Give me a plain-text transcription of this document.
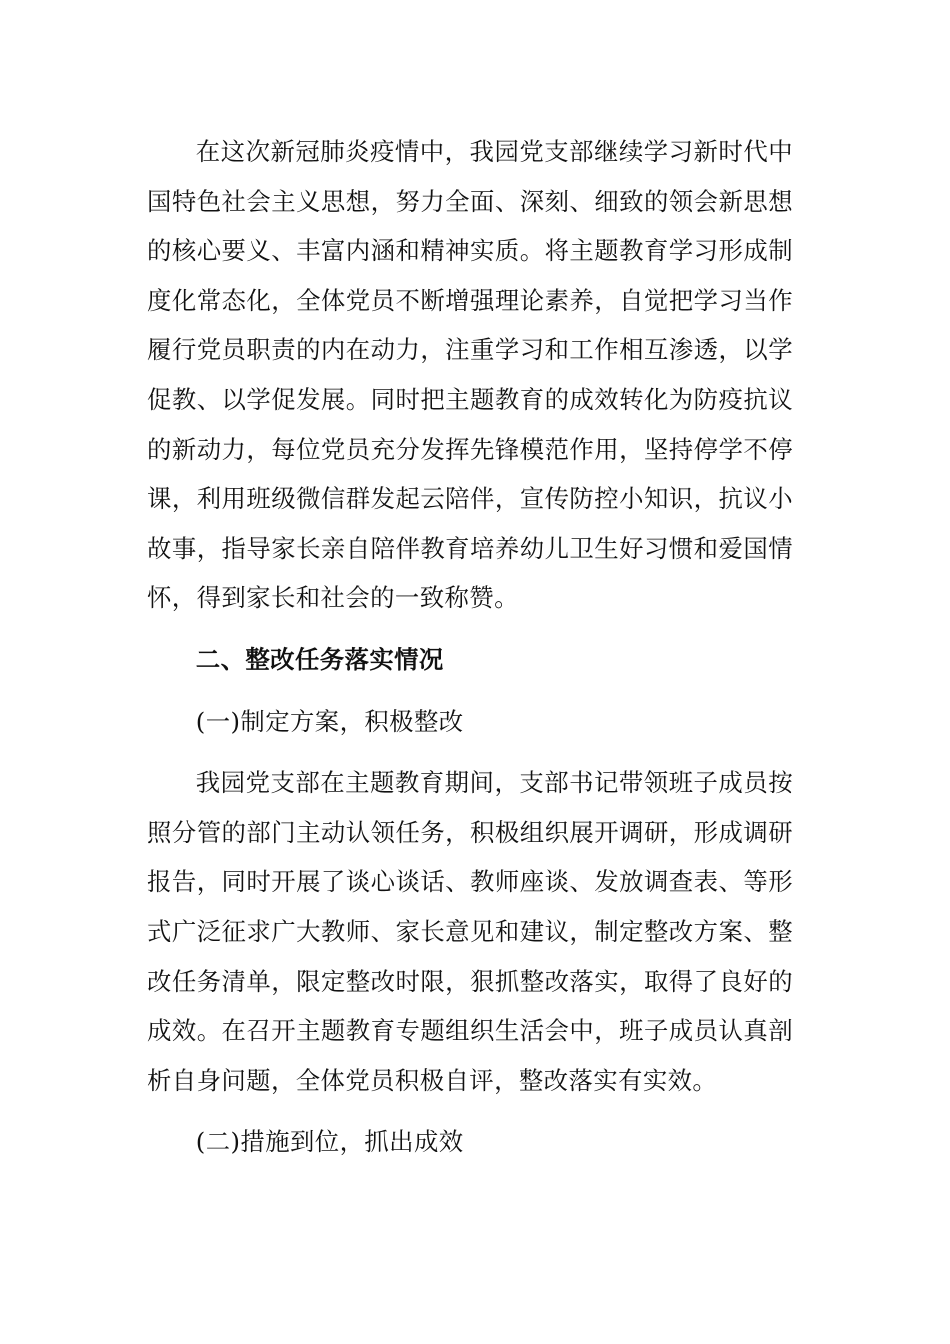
在这次新冠肺炎疫情中，我园党支部继续学习新时代中国特色社会主义思想，努力全面、深刻、细致的领会新思想的核心要义、丰富内涵和精神实质。将主题教育学习形成制度化常态化，全体党员不断增强理论素养，自觉把学习当作履行党员职责的内在动力，注重学习和工作相互渗透，以学促教、以学促发展。同时把主题教育的成效转化为防疫抗议的新动力，每位党员充分发挥先锋模范作用，坚持停学不停课，利用班级微信群发起云陪伴，宣传防控小知识，抗议小故事，指导家长亲自陪伴教育培养幼儿卫生好习惯和爱国情怀，得到家长和社会的一致称赞。

二、整改任务落实情况

(一)制定方案，积极整改

我园党支部在主题教育期间，支部书记带领班子成员按照分管的部门主动认领任务，积极组织展开调研，形成调研报告，同时开展了谈心谈话、教师座谈、发放调查表、等形式广泛征求广大教师、家长意见和建议，制定整改方案、整改任务清单，限定整改时限，狠抓整改落实，取得了良好的成效。在召开主题教育专题组织生活会中，班子成员认真剖析自身问题，全体党员积极自评，整改落实有实效。

(二)措施到位，抓出成效
